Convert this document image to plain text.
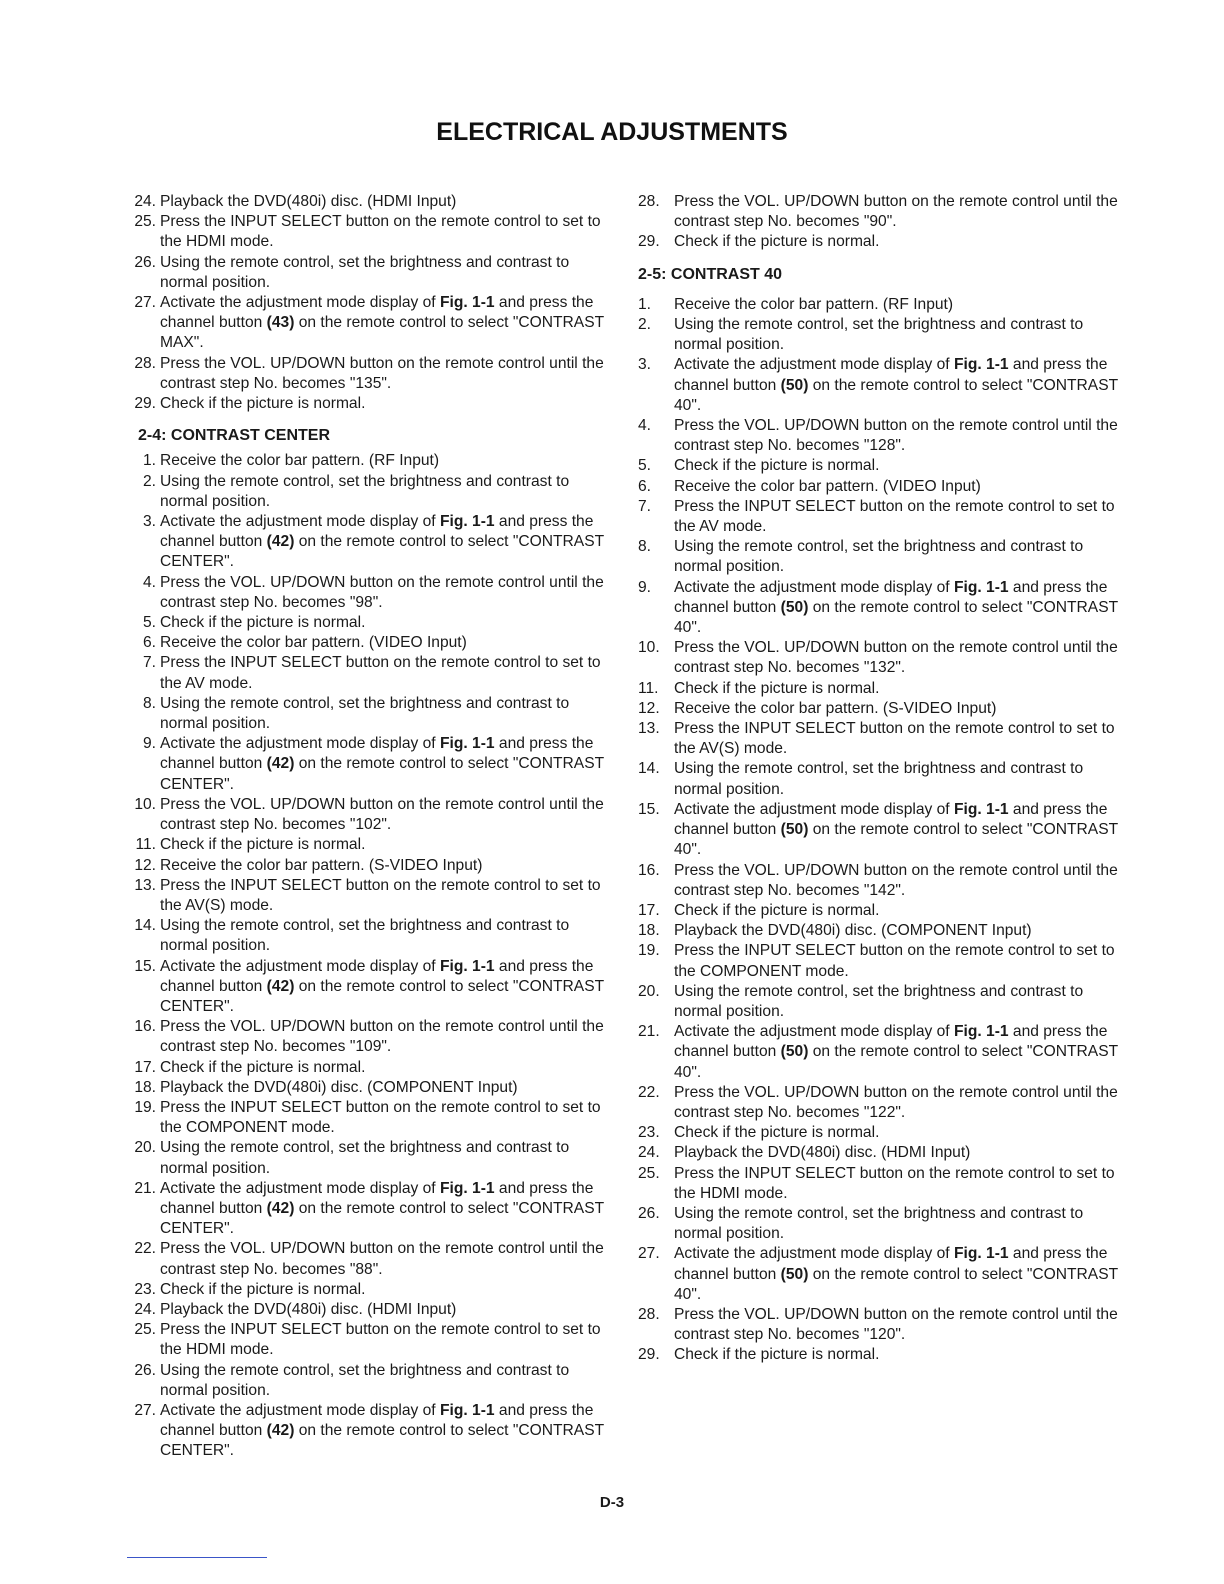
ELECTRICAL ADJUSTMENTS
24. Playback the DVD(480i) disc. (HDMI Input)
25. Press the INPUT SELECT button on the remote control to set to the HDMI mode.
26. Using the remote control, set the brightness and contrast to normal position.
27. Activate the adjustment mode display of Fig. 1-1 and press the channel button (43) on the remote control to select "CONTRAST MAX".
28. Press the VOL. UP/DOWN button on the remote control until the contrast step No. becomes "135".
29. Check if the picture is normal.
2-4: CONTRAST CENTER
1. Receive the color bar pattern. (RF Input)
2. Using the remote control, set the brightness and contrast to normal position.
3. Activate the adjustment mode display of Fig. 1-1 and press the channel button (42) on the remote control to select "CONTRAST CENTER".
4. Press the VOL. UP/DOWN button on the remote control until the contrast step No. becomes "98".
5. Check if the picture is normal.
6. Receive the color bar pattern. (VIDEO Input)
7. Press the INPUT SELECT button on the remote control to set to the AV mode.
8. Using the remote control, set the brightness and contrast to normal position.
9. Activate the adjustment mode display of Fig. 1-1 and press the channel button (42) on the remote control to select "CONTRAST CENTER".
10. Press the VOL. UP/DOWN button on the remote control until the contrast step No. becomes "102".
11. Check if the picture is normal.
12. Receive the color bar pattern. (S-VIDEO Input)
13. Press the INPUT SELECT button on the remote control to set to the AV(S) mode.
14. Using the remote control, set the brightness and contrast to normal position.
15. Activate the adjustment mode display of Fig. 1-1 and press the channel button (42) on the remote control to select "CONTRAST CENTER".
16. Press the VOL. UP/DOWN button on the remote control until the contrast step No. becomes "109".
17. Check if the picture is normal.
18. Playback the DVD(480i) disc. (COMPONENT Input)
19. Press the INPUT SELECT button on the remote control to set to the COMPONENT mode.
20. Using the remote control, set the brightness and contrast to normal position.
21. Activate the adjustment mode display of Fig. 1-1 and press the channel button (42) on the remote control to select "CONTRAST CENTER".
22. Press the VOL. UP/DOWN button on the remote control until the contrast step No. becomes "88".
23. Check if the picture is normal.
24. Playback the DVD(480i) disc. (HDMI Input)
25. Press the INPUT SELECT button on the remote control to set to the HDMI mode.
26. Using the remote control, set the brightness and contrast to normal position.
27. Activate the adjustment mode display of Fig. 1-1 and press the channel button (42) on the remote control to select "CONTRAST CENTER".
28. Press the VOL. UP/DOWN button on the remote control until the contrast step No. becomes "90".
29. Check if the picture is normal.
2-5: CONTRAST 40
1.	Receive the color bar pattern. (RF Input)
2.	Using the remote control, set the brightness and contrast to normal position.
3.	Activate the adjustment mode display of Fig. 1-1 and press the channel button (50) on the remote control to select "CONTRAST 40".
4.	Press the VOL. UP/DOWN button on the remote control until the contrast step No. becomes "128".
5.	Check if the picture is normal.
6.	Receive the color bar pattern. (VIDEO Input)
7.	Press the INPUT SELECT button on the remote control to set to the AV mode.
8.	Using the remote control, set the brightness and contrast to normal position.
9.	Activate the adjustment mode display of Fig. 1-1 and press the channel button (50) on the remote control to select "CONTRAST 40".
10. Press the VOL. UP/DOWN button on the remote control until the contrast step No. becomes "132".
11. Check if the picture is normal.
12. Receive the color bar pattern. (S-VIDEO Input)
13. Press the INPUT SELECT button on the remote control to set to the AV(S) mode.
14. Using the remote control, set the brightness and contrast to normal position.
15. Activate the adjustment mode display of Fig. 1-1 and press the channel button (50) on the remote control to select "CONTRAST 40".
16. Press the VOL. UP/DOWN button on the remote control until the contrast step No. becomes "142".
17. Check if the picture is normal.
18. Playback the DVD(480i) disc. (COMPONENT Input)
19. Press the INPUT SELECT button on the remote control to set to the COMPONENT mode.
20. Using the remote control, set the brightness and contrast to normal position.
21. Activate the adjustment mode display of Fig. 1-1 and press the channel button (50) on the remote control to select "CONTRAST 40".
22. Press the VOL. UP/DOWN button on the remote control until the contrast step No. becomes "122".
23. Check if the picture is normal.
24. Playback the DVD(480i) disc. (HDMI Input)
25. Press the INPUT SELECT button on the remote control to set to the HDMI mode.
26. Using the remote control, set the brightness and contrast to normal position.
27. Activate the adjustment mode display of Fig. 1-1 and press the channel button (50) on the remote control to select "CONTRAST 40".
28. Press the VOL. UP/DOWN button on the remote control until the contrast step No. becomes "120".
29. Check if the picture is normal.
D-3
